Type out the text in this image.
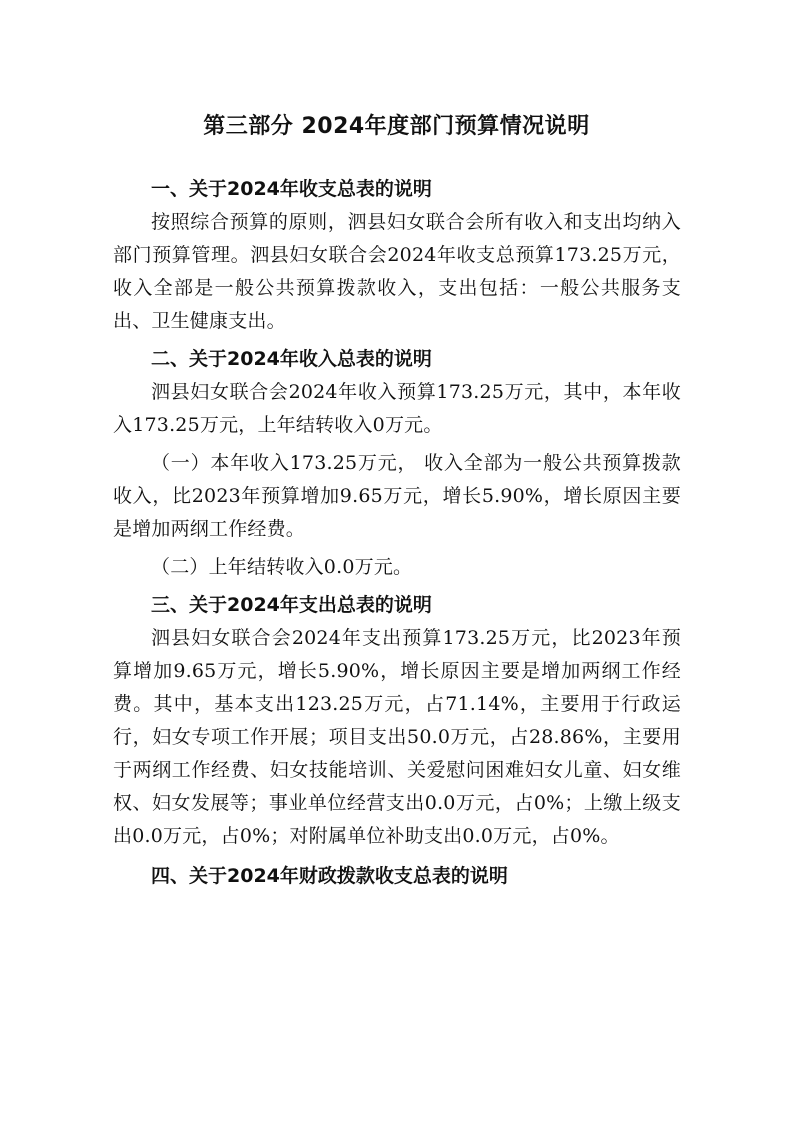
第三部分 2024年度部门预算情况说明
一、关于2024年收支总表的说明

按照综合预算的原则，泗县妇女联合会所有收入和支出均纳入部门预算管理。泗县妇女联合会2024年收支总预算173.25万元，收入全部是一般公共预算拨款收入，支出包括：一般公共服务支出、卫生健康支出。

二、关于2024年收入总表的说明

泗县妇女联合会2024年收入预算173.25万元，其中，本年收入173.25万元，上年结转收入0万元。

（一）本年收入173.25万元， 收入全部为一般公共预算拨款收入，比2023年预算增加9.65万元，增长5.90%，增长原因主要是增加两纲工作经费。

（二）上年结转收入0.0万元。

三、关于2024年支出总表的说明

泗县妇女联合会2024年支出预算173.25万元，比2023年预算增加9.65万元，增长5.90%，增长原因主要是增加两纲工作经费。其中，基本支出123.25万元，占71.14%，主要用于行政运行，妇女专项工作开展；项目支出50.0万元，占28.86%，主要用于两纲工作经费、妇女技能培训、关爱慰问困难妇女儿童、妇女维权、妇女发展等；事业单位经营支出0.0万元，占0%；上缴上级支出0.0万元，占0%；对附属单位补助支出0.0万元，占0%。

四、关于2024年财政拨款收支总表的说明
